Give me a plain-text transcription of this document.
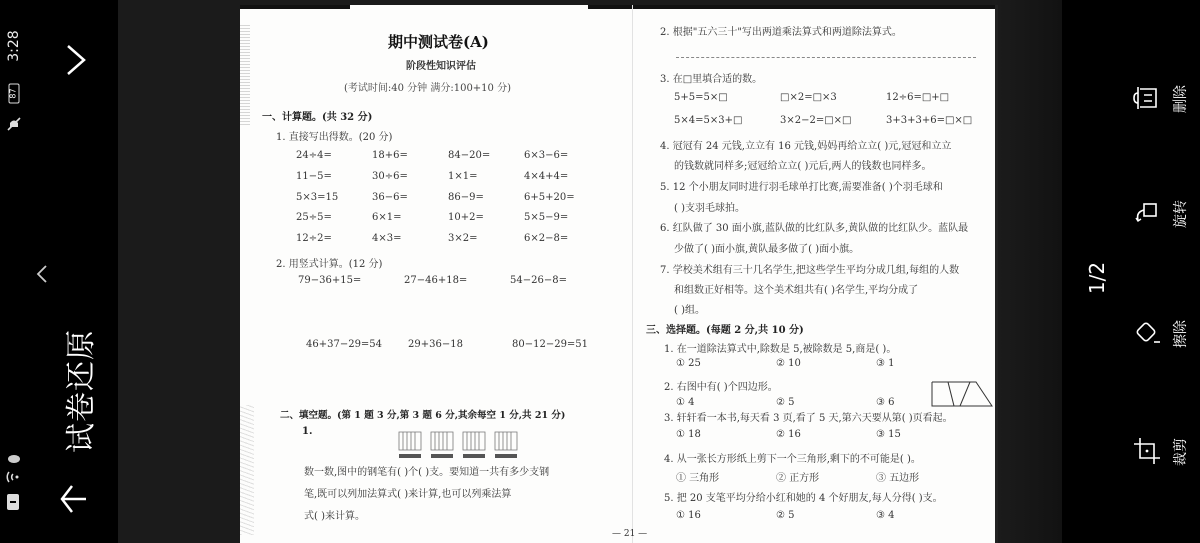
3:28
87
试卷还原
期中测试卷(A)
阶段性知识评估
(考试时间:40 分钟 满分:100+10 分)
一、计算题。(共 32 分)
1. 直接写出得数。(20 分)
24÷4=	18+6=	84−20=	6×3−6=
11−5=	30÷6=	1×1=	4×4+4=
5×3=15	36−6=	86−9=	6+5+20=
25÷5=	6×1=	10+2=	5×5−9=
12÷2=	4×3=	3×2=	6×2−8=
2. 用竖式计算。(12 分)
79−36+15=	27−46+18=	54−26−8=
46+37−29=54	29+36−18	80−12−29=51
二、填空题。(第 1 题 3 分,第 3 题 6 分,其余每空 1 分,共 21 分)
1.
数一数,图中的钢笔有( )个( )支。要知道一共有多少支钢
笔,既可以列加法算式( )来计算,也可以列乘法算
式( )来计算。
— 21 —
2. 根据"五六三十"写出两道乘法算式和两道除法算式。
3. 在□里填合适的数。
5+5=5×□	□×2=□×3	12÷6=□+□
5×4=5×3+□	3×2−2=□×□	3+3+3+6=□×□
4. 冠冠有 24 元钱,立立有 16 元钱,妈妈再给立立( )元,冠冠和立立
的钱数就同样多;冠冠给立立( )元后,两人的钱数也同样多。
5. 12 个小朋友同时进行羽毛球单打比赛,需要准备( )个羽毛球和
( )支羽毛球拍。
6. 红队做了 30 面小旗,蓝队做的比红队多,黄队做的比红队少。蓝队最
少做了( )面小旗,黄队最多做了( )面小旗。
7. 学校美术组有三十几名学生,把这些学生平均分成几组,每组的人数
和组数正好相等。这个美术组共有( )名学生,平均分成了
( )组。
三、选择题。(每题 2 分,共 10 分)
1. 在一道除法算式中,除数是 5,被除数是 5,商是( )。
① 25	② 10	③ 1
2. 右图中有( )个四边形。
① 4	② 5	③ 6
3. 轩轩看一本书,每天看 3 页,看了 5 天,第六天要从第( )页看起。
① 18	② 16	③ 15
4. 从一张长方形纸上剪下一个三角形,剩下的不可能是( )。
① 三角形	② 正方形	③ 五边形
5. 把 20 支笔平均分给小红和她的 4 个好朋友,每人分得( )支。
① 16	② 5	③ 4
1/2
删除
旋转
擦除
裁剪
